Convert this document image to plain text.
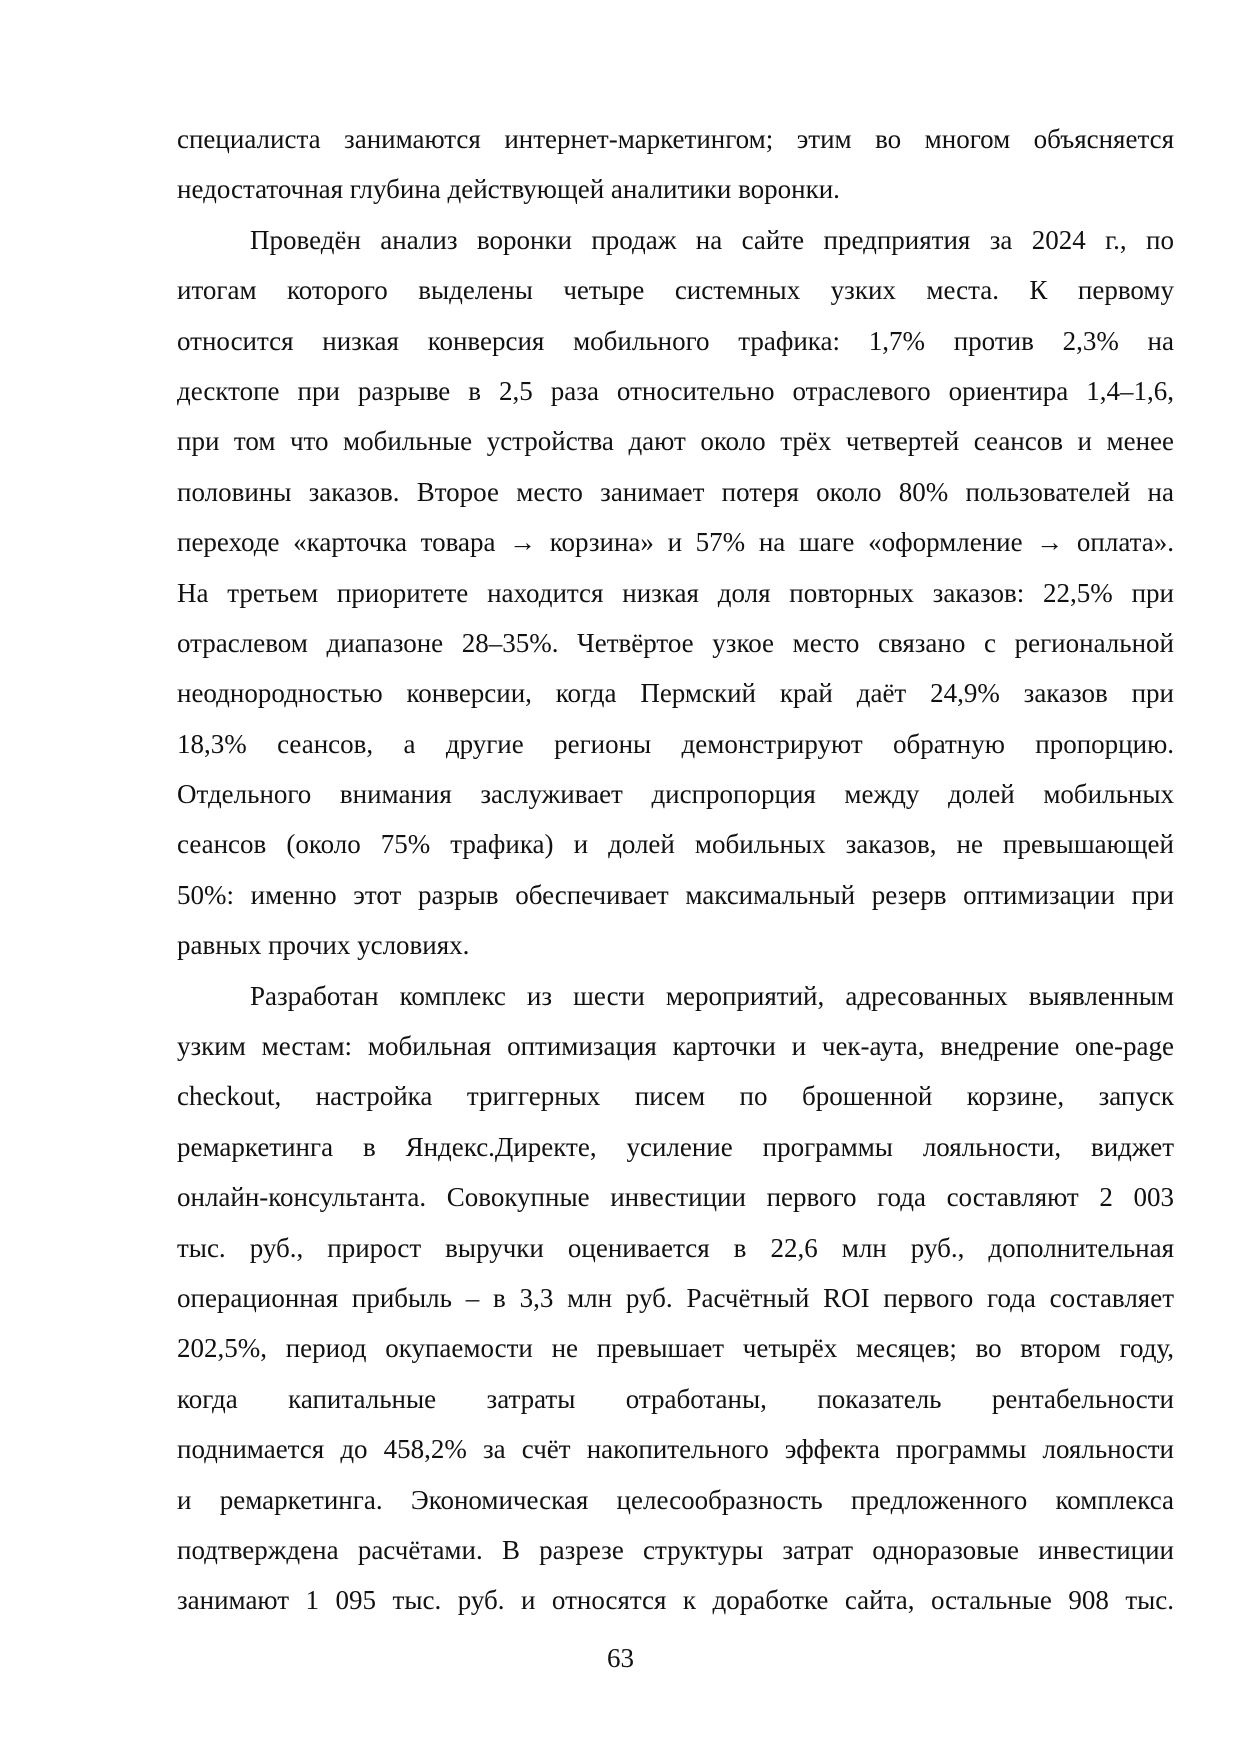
специалиста занимаются интернет-маркетингом; этим во многом объясняется
недостаточная глубина действующей аналитики воронки.
Проведён анализ воронки продаж на сайте предприятия за 2024 г., по
итогам которого выделены четыре системных узких места. К первому
относится низкая конверсия мобильного трафика: 1,7% против 2,3% на
десктопе при разрыве в 2,5 раза относительно отраслевого ориентира 1,4–1,6,
при том что мобильные устройства дают около трёх четвертей сеансов и менее
половины заказов. Второе место занимает потеря около 80% пользователей на
переходе «карточка товара → корзина» и 57% на шаге «оформление → оплата».
На третьем приоритете находится низкая доля повторных заказов: 22,5% при
отраслевом диапазоне 28–35%. Четвёртое узкое место связано с региональной
неоднородностью конверсии, когда Пермский край даёт 24,9% заказов при
18,3% сеансов, а другие регионы демонстрируют обратную пропорцию.
Отдельного внимания заслуживает диспропорция между долей мобильных
сеансов (около 75% трафика) и долей мобильных заказов, не превышающей
50%: именно этот разрыв обеспечивает максимальный резерв оптимизации при
равных прочих условиях.
Разработан комплекс из шести мероприятий, адресованных выявленным
узким местам: мобильная оптимизация карточки и чек-аута, внедрение one-page
checkout, настройка триггерных писем по брошенной корзине, запуск
ремаркетинга в Яндекс.Директе, усиление программы лояльности, виджет
онлайн-консультанта. Совокупные инвестиции первого года составляют 2 003
тыс. руб., прирост выручки оценивается в 22,6 млн руб., дополнительная
операционная прибыль – в 3,3 млн руб. Расчётный ROI первого года составляет
202,5%, период окупаемости не превышает четырёх месяцев; во втором году,
когда капитальные затраты отработаны, показатель рентабельности
поднимается до 458,2% за счёт накопительного эффекта программы лояльности
и ремаркетинга. Экономическая целесообразность предложенного комплекса
подтверждена расчётами. В разрезе структуры затрат одноразовые инвестиции
занимают 1 095 тыс. руб. и относятся к доработке сайта, остальные 908 тыс.
63
